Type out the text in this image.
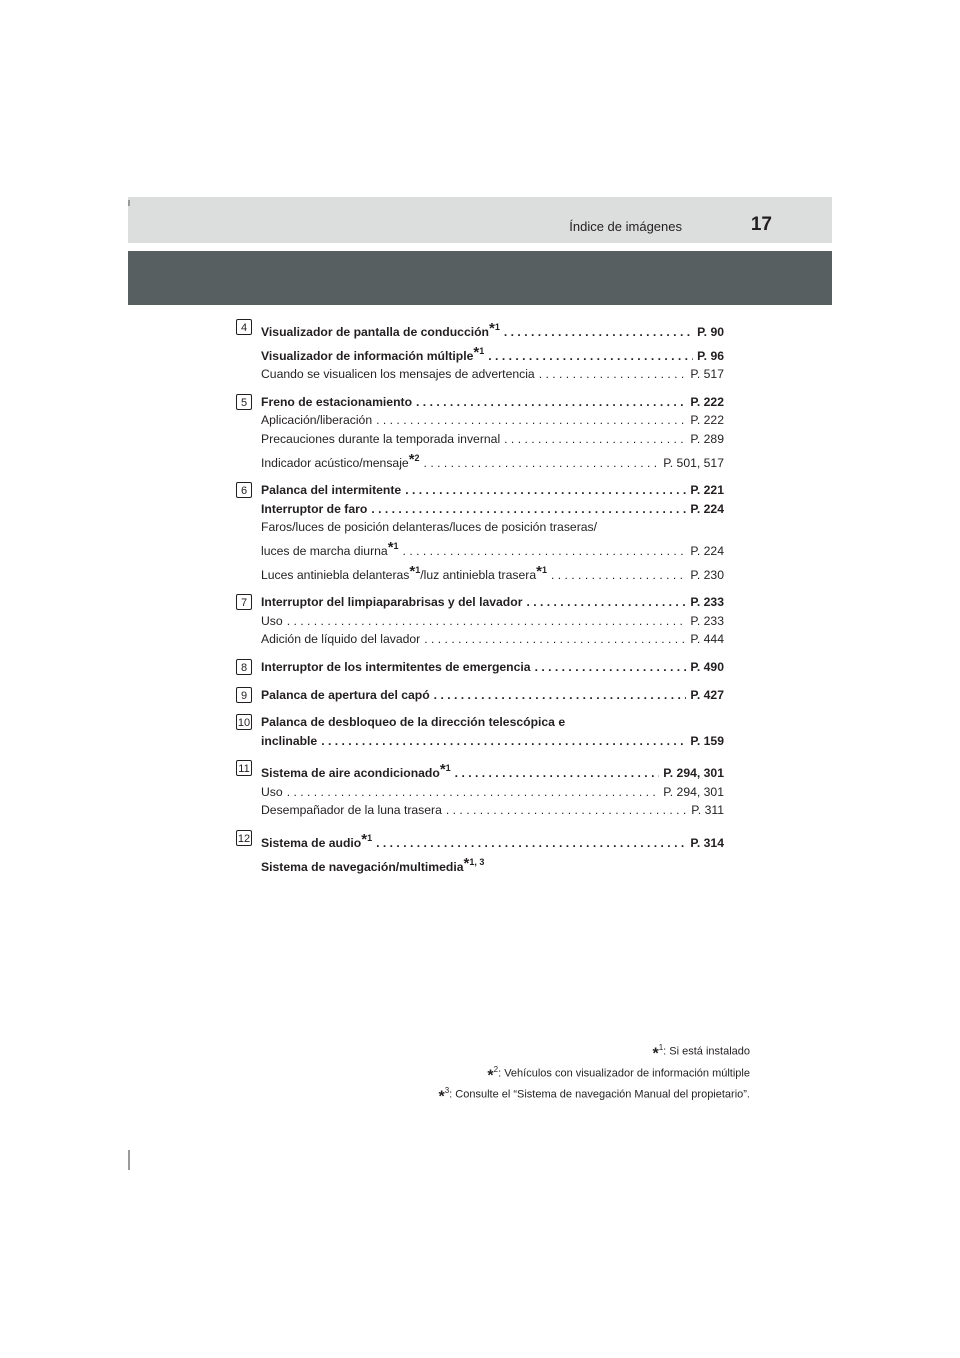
Índice de imágenes	17
4	Visualizador de pantalla de conducción$^{*1}$ . . .	P. 90
Visualizador de información múltiple$^{*1}$ . . .	P. 96
Cuando se visualicen los mensajes de advertencia . . .	P. 517
5	Freno de estacionamiento . . .	P. 222
Aplicación/liberación . . .	P. 222
Precauciones durante la temporada invernal . . .	P. 289
Indicador acústico/mensaje$^{*2}$ . . .	P. 501, 517
6	Palanca del intermitente . . .	P. 221
Interruptor de faro . . .	P. 224
Faros/luces de posición delanteras/luces de posición traseras/
luces de marcha diurna$^{*1}$ . . .	P. 224
Luces antiniebla delanteras$^{*1}$/luz antiniebla trasera$^{*1}$ . . .	P. 230
7	Interruptor del limpiaparabrisas y del lavador . . .	P. 233
Uso . . .	P. 233
Adición de líquido del lavador . . .	P. 444
8	Interruptor de los intermitentes de emergencia . . .	P. 490
9	Palanca de apertura del capó . . .	P. 427
10 Palanca de desbloqueo de la dirección telescópica e
inclinable . . .	P. 159
11 Sistema de aire acondicionado$^{*1}$ . . .	P. 294, 301
Uso . . .	P. 294, 301
Desempañador de la luna trasera . . .	P. 311
12 Sistema de audio$^{*1}$ . . .	P. 314
Sistema de navegación/multimedia$^{*1, 3}$
*$^1$: Si está instalado
*$^2$: Vehículos con visualizador de información múltiple
*$^3$: Consulte el “Sistema de navegación Manual del propietario”.
